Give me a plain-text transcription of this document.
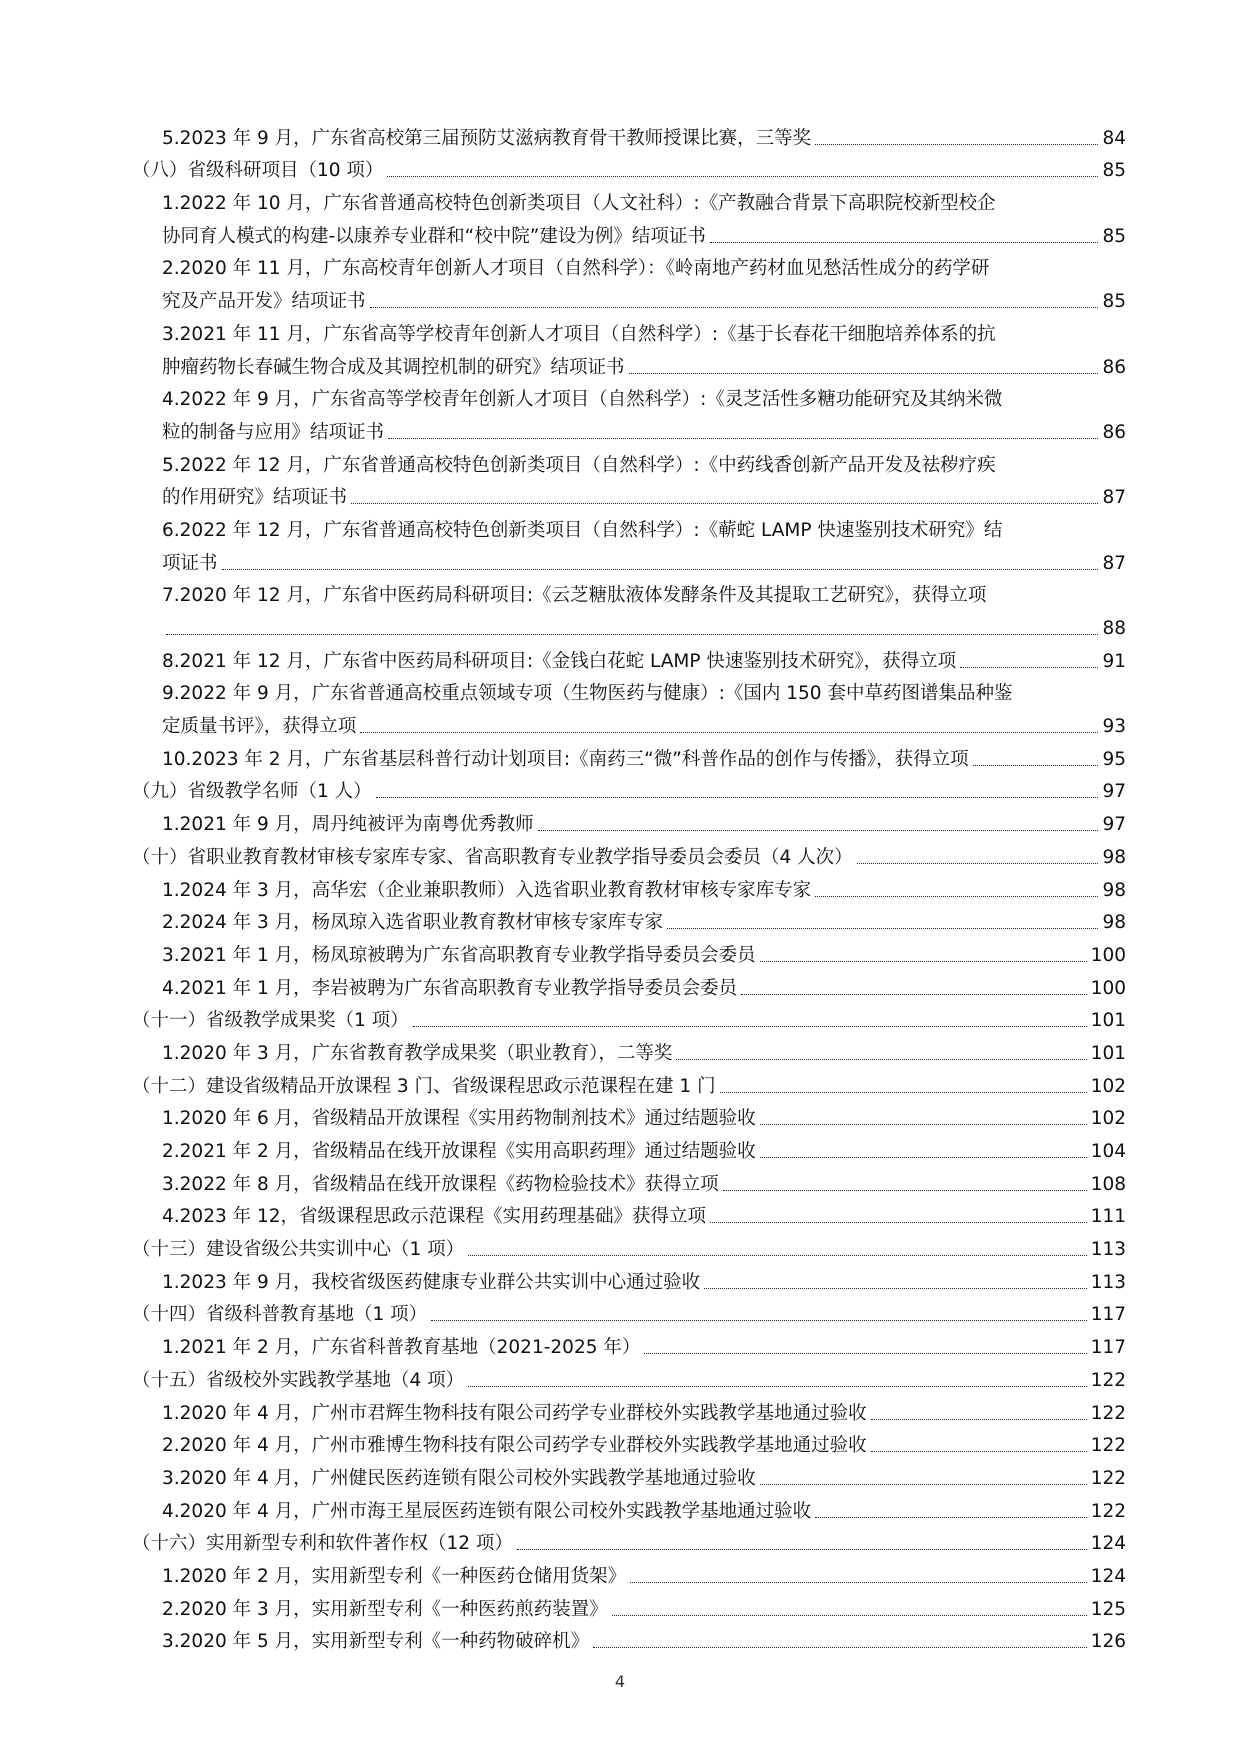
5.2023 年 9 月，广东省高校第三届预防艾滋病教育骨干教师授课比赛，三等奖	84
（八）省级科研项目（10 项）	85
1.2022 年 10 月，广东省普通高校特色创新类项目（人文社科）:《产教融合背景下高职院校新型校企
协同育人模式的构建-以康养专业群和“校中院”建设为例》结项证书	85
2.2020 年 11 月，广东高校青年创新人才项目（自然科学）：《岭南地产药材血见愁活性成分的药学研
究及产品开发》结项证书	85
3.2021 年 11 月，广东省高等学校青年创新人才项目（自然科学）:《基于长春花干细胞培养体系的抗
肿瘤药物长春碱生物合成及其调控机制的研究》结项证书	86
4.2022 年 9 月，广东省高等学校青年创新人才项目（自然科学）:《灵芝活性多糖功能研究及其纳米微
粒的制备与应用》结项证书	86
5.2022 年 12 月，广东省普通高校特色创新类项目（自然科学）:《中药线香创新产品开发及祛秽疗疾
的作用研究》结项证书	87
6.2022 年 12 月，广东省普通高校特色创新类项目（自然科学）:《蕲蛇 LAMP 快速鉴别技术研究》结
项证书	87
7.2020 年 12 月，广东省中医药局科研项目:《云芝糖肽液体发酵条件及其提取工艺研究》，获得立项
88
8.2021 年 12 月，广东省中医药局科研项目:《金钱白花蛇 LAMP 快速鉴别技术研究》，获得立项	91
9.2022 年 9 月，广东省普通高校重点领域专项（生物医药与健康）:《国内 150 套中草药图谱集品种鉴
定质量书评》，获得立项	93
10.2023 年 2 月，广东省基层科普行动计划项目:《南药三“微”科普作品的创作与传播》，获得立项	95
（九）省级教学名师（1 人）	97
1.2021 年 9 月，周丹纯被评为南粤优秀教师	97
（十）省职业教育教材审核专家库专家、省高职教育专业教学指导委员会委员（4 人次）	98
1.2024 年 3 月，高华宏（企业兼职教师）入选省职业教育教材审核专家库专家	98
2.2024 年 3 月，杨凤琼入选省职业教育教材审核专家库专家	98
3.2021 年 1 月，杨凤琼被聘为广东省高职教育专业教学指导委员会委员	100
4.2021 年 1 月，李岩被聘为广东省高职教育专业教学指导委员会委员	100
（十一）省级教学成果奖（1 项）	101
1.2020 年 3 月，广东省教育教学成果奖（职业教育），二等奖	101
（十二）建设省级精品开放课程 3 门、省级课程思政示范课程在建 1 门	102
1.2020 年 6 月，省级精品开放课程《实用药物制剂技术》通过结题验收	102
2.2021 年 2 月，省级精品在线开放课程《实用高职药理》通过结题验收	104
3.2022 年 8 月，省级精品在线开放课程《药物检验技术》获得立项	108
4.2023 年 12，省级课程思政示范课程《实用药理基础》获得立项	111
（十三）建设省级公共实训中心（1 项）	113
1.2023 年 9 月，我校省级医药健康专业群公共实训中心通过验收	113
（十四）省级科普教育基地（1 项）	117
1.2021 年 2 月，广东省科普教育基地（2021-2025 年）	117
（十五）省级校外实践教学基地（4 项）	122
1.2020 年 4 月，广州市君辉生物科技有限公司药学专业群校外实践教学基地通过验收	122
2.2020 年 4 月，广州市雅博生物科技有限公司药学专业群校外实践教学基地通过验收	122
3.2020 年 4 月，广州健民医药连锁有限公司校外实践教学基地通过验收	122
4.2020 年 4 月，广州市海王星辰医药连锁有限公司校外实践教学基地通过验收	122
（十六）实用新型专利和软件著作权（12 项）	124
1.2020 年 2 月，实用新型专利《一种医药仓储用货架》	124
2.2020 年 3 月，实用新型专利《一种医药煎药装置》	125
3.2020 年 5 月，实用新型专利《一种药物破碎机》	126
4
